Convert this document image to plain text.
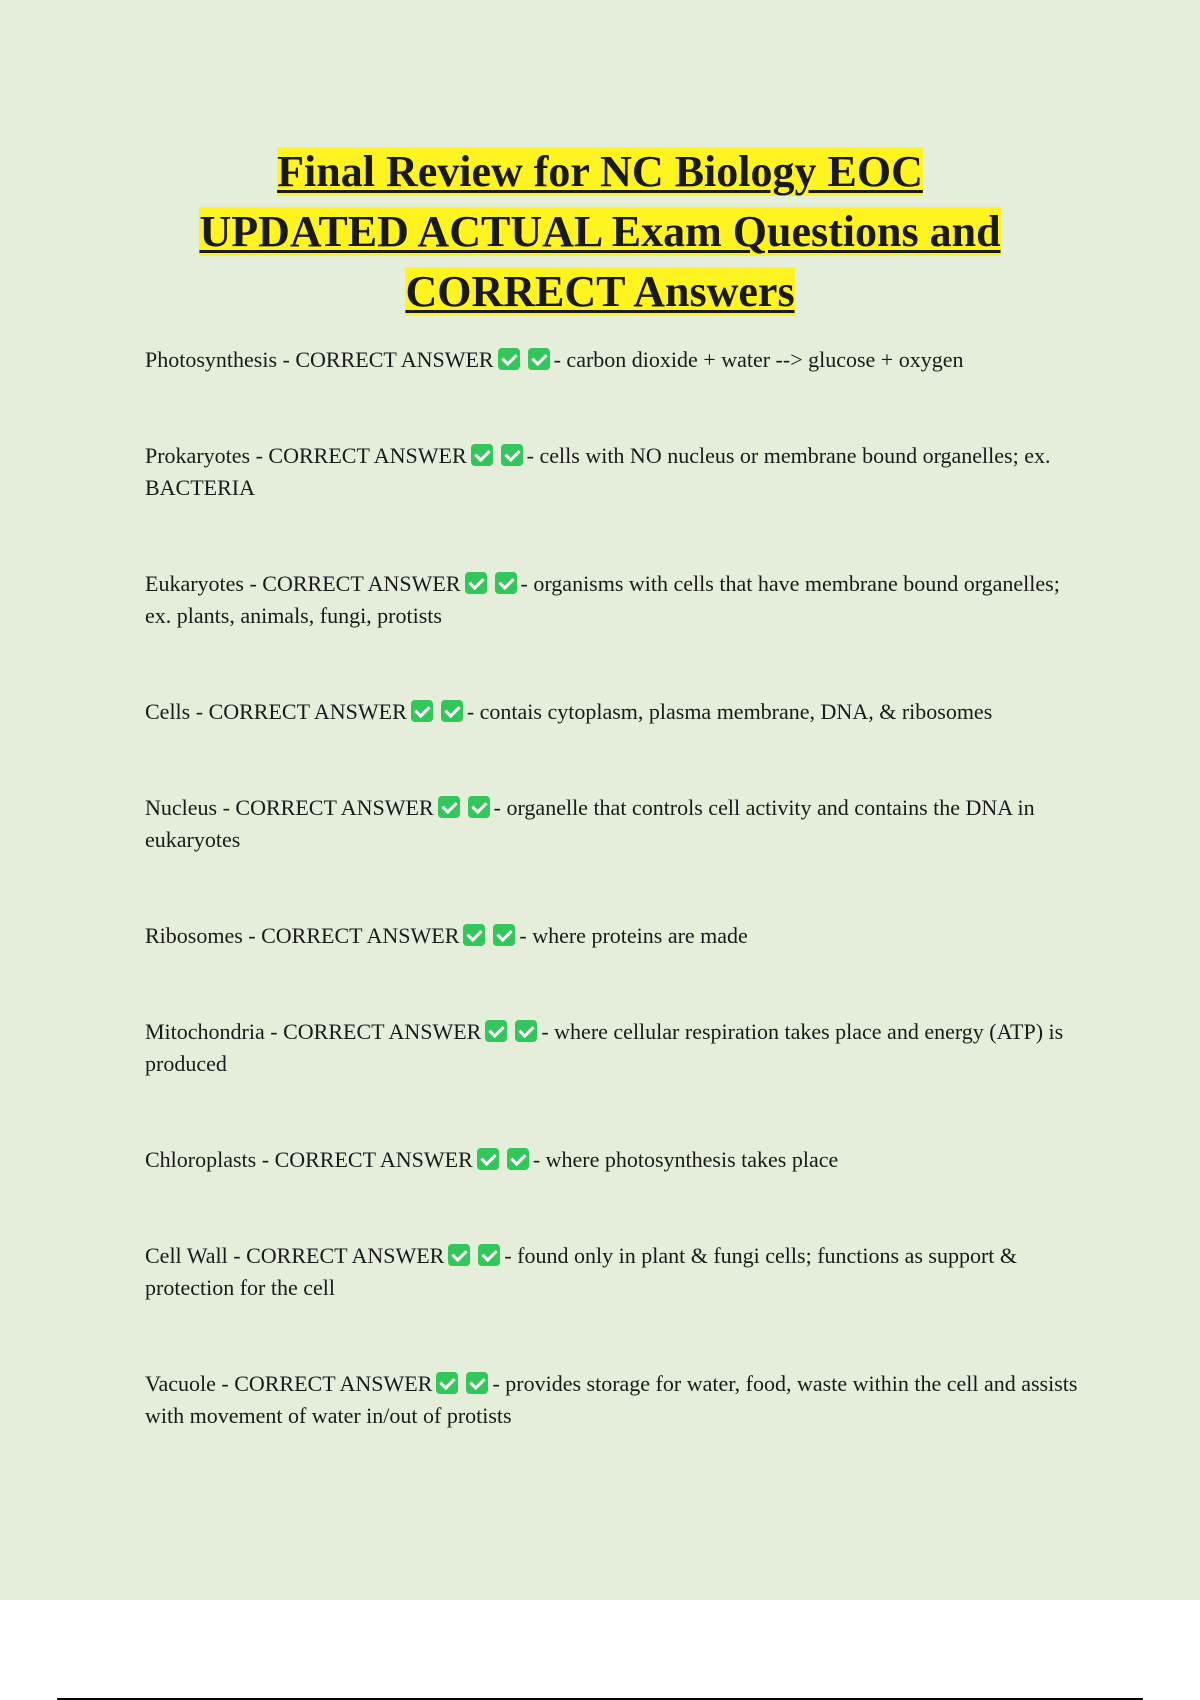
Final Review for NC Biology EOC
UPDATED ACTUAL Exam Questions and
CORRECT Answers
Photosynthesis - CORRECT ANSWER	- carbon dioxide + water --> glucose + oxygen
Prokaryotes - CORRECT ANSWER	- cells with NO nucleus or membrane bound organelles; ex. BACTERIA
Eukaryotes - CORRECT ANSWER	- organisms with cells that have membrane bound organelles; ex. plants, animals, fungi, protists
Cells - CORRECT ANSWER	- contais cytoplasm, plasma membrane, DNA, & ribosomes
Nucleus - CORRECT ANSWER	- organelle that controls cell activity and contains the DNA in eukaryotes
Ribosomes - CORRECT ANSWER	- where proteins are made
Mitochondria - CORRECT ANSWER	- where cellular respiration takes place and energy (ATP) is produced
Chloroplasts - CORRECT ANSWER	- where photosynthesis takes place
Cell Wall - CORRECT ANSWER	- found only in plant & fungi cells; functions as support & protection for the cell
Vacuole - CORRECT ANSWER	- provides storage for water, food, waste within the cell and assists with movement of water in/out of protists
